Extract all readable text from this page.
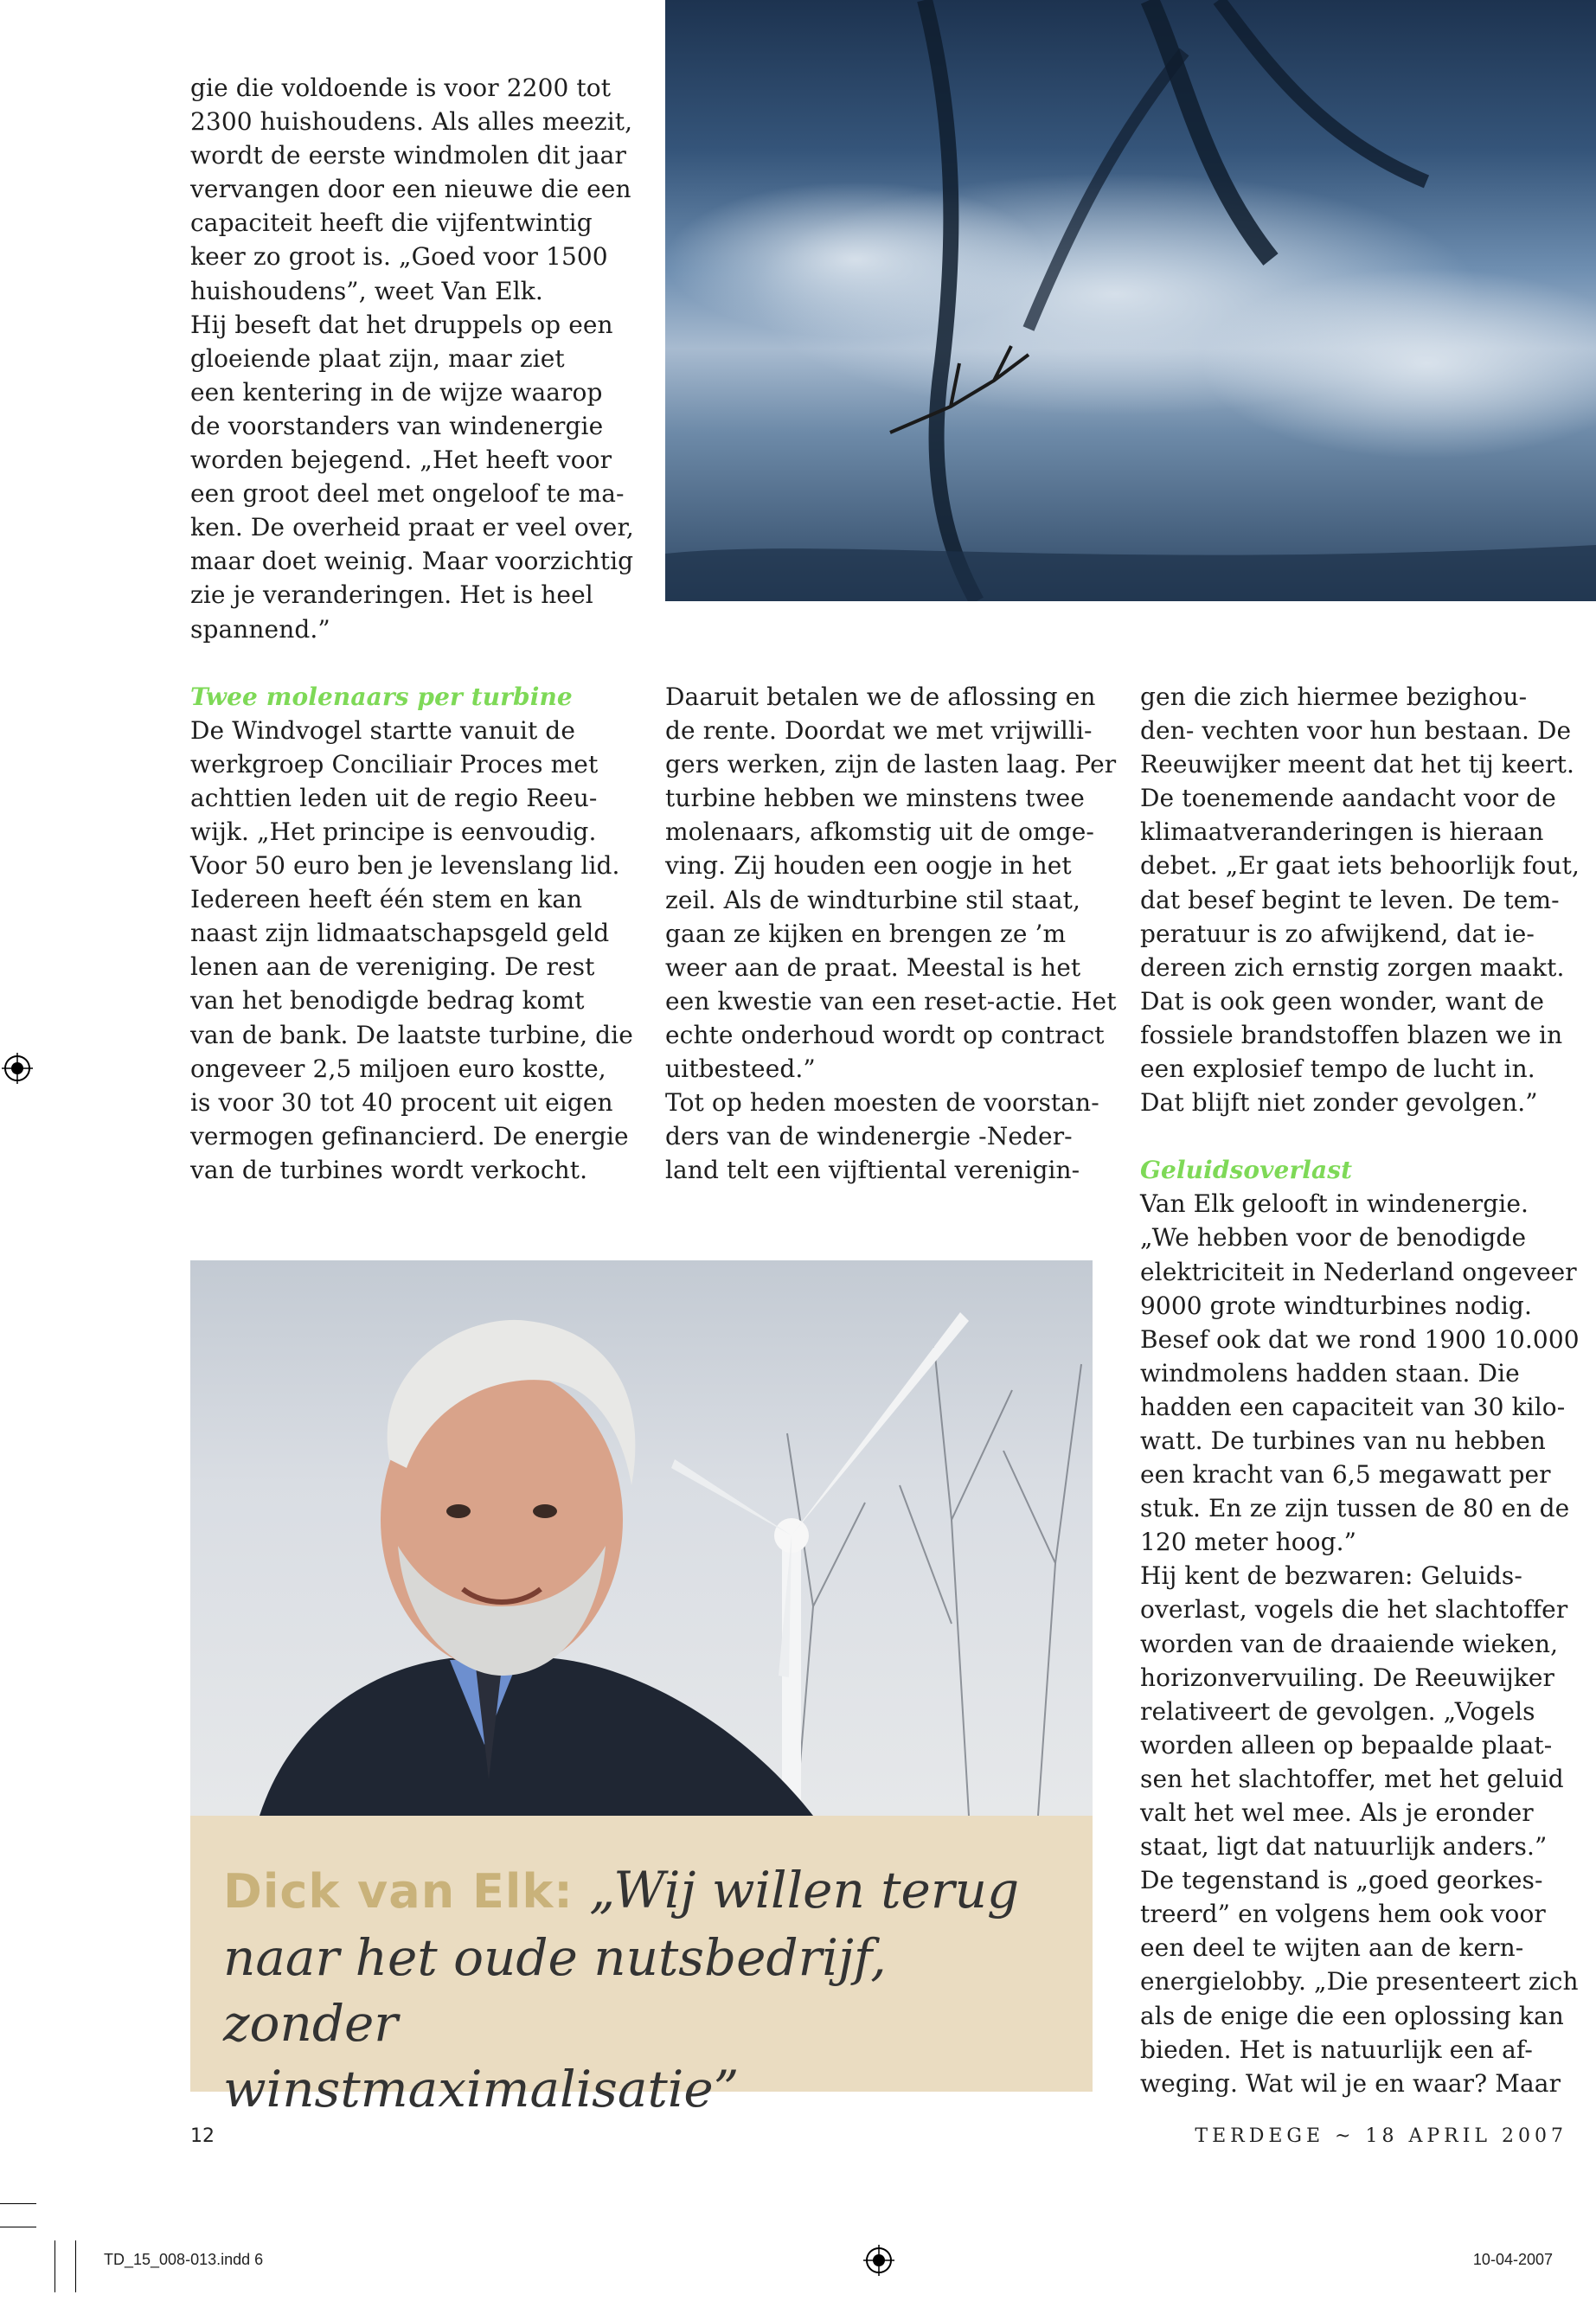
gie die voldoende is voor 2200 tot

2300 huishoudens. Als alles meezit,

wordt de eerste windmolen dit jaar

vervangen door een nieuwe die een

capaciteit heeft die vijfentwintig

keer zo groot is. „Goed voor 1500

huishoudens”, weet Van Elk.

Hij beseft dat het druppels op een

gloeiende plaat zijn, maar ziet

een kentering in de wijze waarop

de voorstanders van windenergie

worden bejegend. „Het heeft voor

een groot deel met ongeloof te ma-

ken. De overheid praat er veel over,

maar doet weinig. Maar voorzichtig

zie je veranderingen. Het is heel

spannend.”

Twee molenaars per turbine

De Windvogel startte vanuit de

werkgroep Conciliair Proces met

achttien leden uit de regio Reeu-

wijk. „Het principe is eenvoudig.

Voor 50 euro ben je levenslang lid.

Iedereen heeft één stem en kan

naast zijn lidmaatschapsgeld geld

lenen aan de vereniging. De rest

van het benodigde bedrag komt

van de bank. De laatste turbine, die

ongeveer 2,5 miljoen euro kostte,

is voor 30 tot 40 procent uit eigen

vermogen gefinancierd. De energie

van de turbines wordt verkocht.

Daaruit betalen we de aflossing en

de rente. Doordat we met vrijwilli-

gers werken, zijn de lasten laag. Per

turbine hebben we minstens twee

molenaars, afkomstig uit de omge-

ving. Zij houden een oogje in het

zeil. Als de windturbine stil staat,

gaan ze kijken en brengen ze ’m

weer aan de praat. Meestal is het

een kwestie van een reset-actie. Het

echte onderhoud wordt op contract

uitbesteed.”

Tot op heden moesten de voorstan-

ders van de windenergie -Neder-

land telt een vijftiental verenigin-

gen die zich hiermee bezighou-

den- vechten voor hun bestaan. De

Reeuwijker meent dat het tij keert.

De toenemende aandacht voor de

klimaatveranderingen is hieraan

debet. „Er gaat iets behoorlijk fout,

dat besef begint te leven. De tem-

peratuur is zo afwijkend, dat ie-

dereen zich ernstig zorgen maakt.

Dat is ook geen wonder, want de

fossiele brandstoffen blazen we in

een explosief tempo de lucht in.

Dat blijft niet zonder gevolgen.”

Geluidsoverlast

Van Elk gelooft in windenergie.

„We hebben voor de benodigde

elektriciteit in Nederland ongeveer

9000 grote windturbines nodig.

Besef ook dat we rond 1900 10.000

windmolens hadden staan. Die

hadden een capaciteit van 30 kilo-

watt. De turbines van nu hebben

een kracht van 6,5 megawatt per

stuk. En ze zijn tussen de 80 en de

120 meter hoog.”

Hij kent de bezwaren: Geluids-

overlast, vogels die het slachtoffer

worden van de draaiende wieken,

horizonvervuiling. De Reeuwijker

relativeert de gevolgen. „Vogels

worden alleen op bepaalde plaat-

sen het slachtoffer, met het geluid

valt het wel mee. Als je eronder

staat, ligt dat natuurlijk anders.”

De tegenstand is „goed georkes-

treerd” en volgens hem ook voor

een deel te wijten aan de kern-

energielobby. „Die presenteert zich

als de enige die een oplossing kan

bieden. Het is natuurlijk een af-

weging. Wat wil je en waar? Maar

Dick van Elk: „Wij willen terug
naar het oude nutsbedrijf, zonder
winstmaximalisatie”
12	TERDEGE ~ 18 APRIL 2007
TD_15_008-013.indd 6	10-04-2007
